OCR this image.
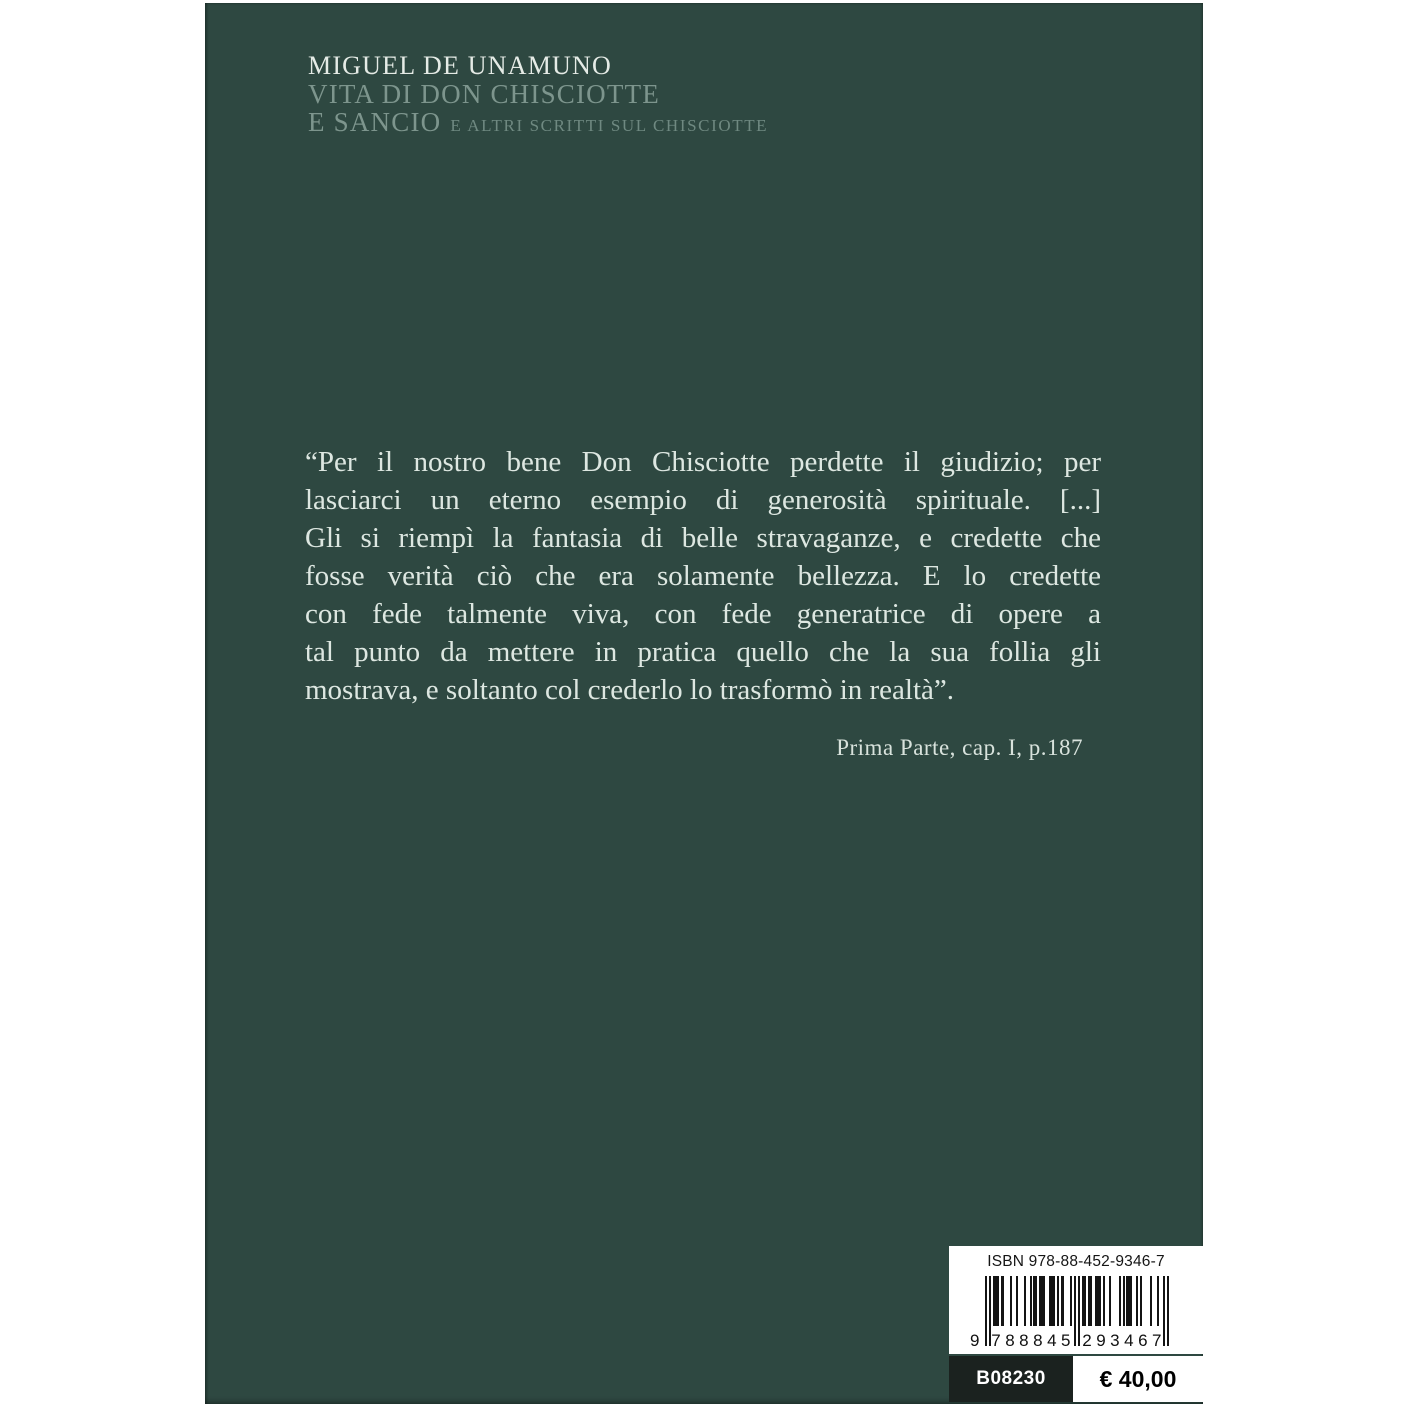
MIGUEL DE UNAMUNO
VITA DI DON CHISCIOTTE
E SANCIO E ALTRI SCRITTI SUL CHISCIOTTE
“Per il nostro bene Don Chisciotte perdette il giudizio; per
lasciarci un eterno esempio di generosità spirituale. [...]
Gli si riempì la fantasia di belle stravaganze, e credette che
fosse verità ciò che era solamente bellezza. E lo credette
con fede talmente viva, con fede generatrice di opere a
tal punto da mettere in pratica quello che la sua follia gli
mostrava, e soltanto col crederlo lo trasformò in realtà”.
Prima Parte, cap. I, p.187
ISBN 978-88-452-9346-7
9 788845 293467
B08230	€ 40,00
